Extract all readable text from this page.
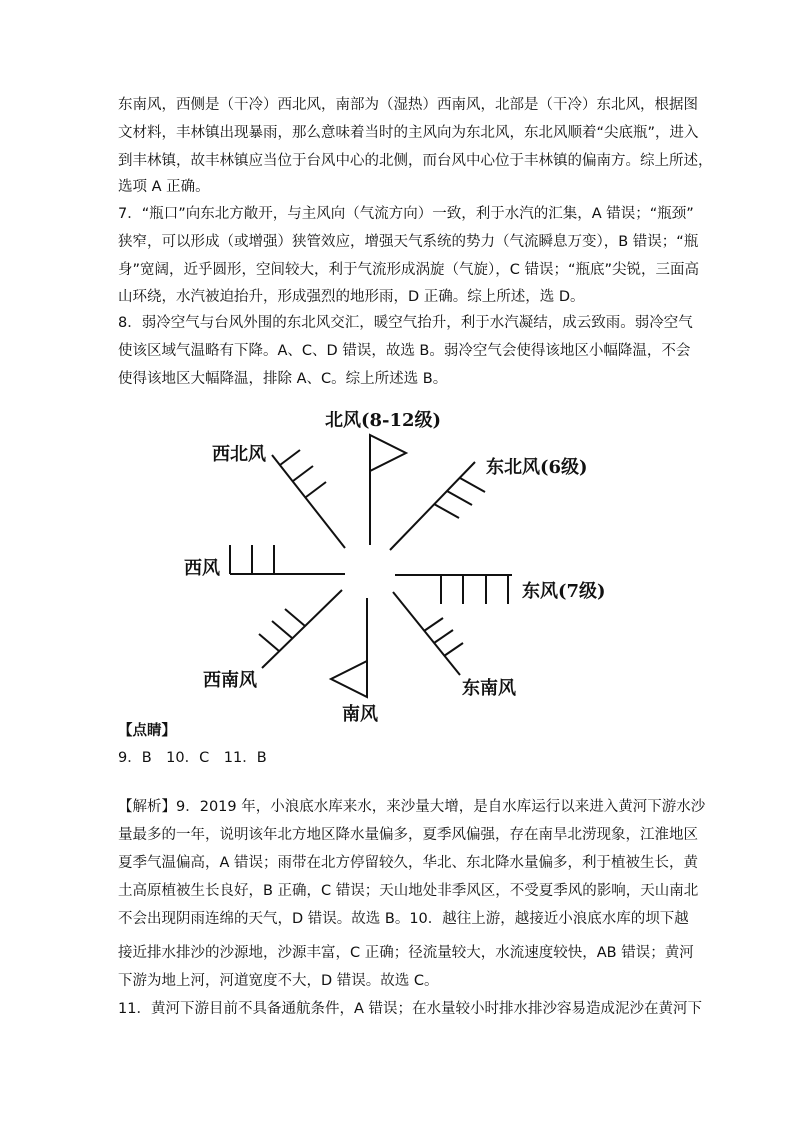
东南风，西侧是（干冷）西北风，南部为（湿热）西南风，北部是（干冷）东北风，根据图
文材料，丰林镇出现暴雨，那么意味着当时的主风向为东北风，东北风顺着“尖底瓶”，进入
到丰林镇，故丰林镇应当位于台风中心的北侧，而台风中心位于丰林镇的偏南方。综上所述，
选项 A 正确。
7．“瓶口”向东北方敞开，与主风向（气流方向）一致，利于水汽的汇集，A 错误；“瓶颈”
狭窄，可以形成（或增强）狭管效应，增强天气系统的势力（气流瞬息万变），B 错误；“瓶
身”宽阔，近乎圆形，空间较大，利于气流形成涡旋（气旋），C 错误；“瓶底”尖锐，三面高
山环绕，水汽被迫抬升，形成强烈的地形雨，D 正确。综上所述，选 D。
8．弱冷空气与台风外围的东北风交汇，暖空气抬升，利于水汽凝结，成云致雨。弱冷空气
使该区域气温略有下降。A、C、D 错误，故选 B。弱冷空气会使得该地区小幅降温，不会
使得该地区大幅降温，排除 A、C。综上所述选 B。
北风(8-12级)
东北风(6级)
东风(7级)
东南风
南风
西南风
西风
西北风
【点睛】
9．B　10．C　11．B
【解析】9．2019 年，小浪底水库来水，来沙量大增，是自水库运行以来进入黄河下游水沙
量最多的一年，说明该年北方地区降水量偏多，夏季风偏强，存在南旱北涝现象，江淮地区
夏季气温偏高，A 错误；雨带在北方停留较久，华北、东北降水量偏多，利于植被生长，黄
土高原植被生长良好，B 正确，C 错误；天山地处非季风区，不受夏季风的影响，天山南北
不会出现阴雨连绵的天气，D 错误。故选 B。10．越往上游，越接近小浪底水库的坝下越
接近排水排沙的沙源地，沙源丰富，C 正确；径流量较大，水流速度较快，AB 错误；黄河
下游为地上河，河道宽度不大，D 错误。故选 C。
11．黄河下游目前不具备通航条件，A 错误；在水量较小时排水排沙容易造成泥沙在黄河下
